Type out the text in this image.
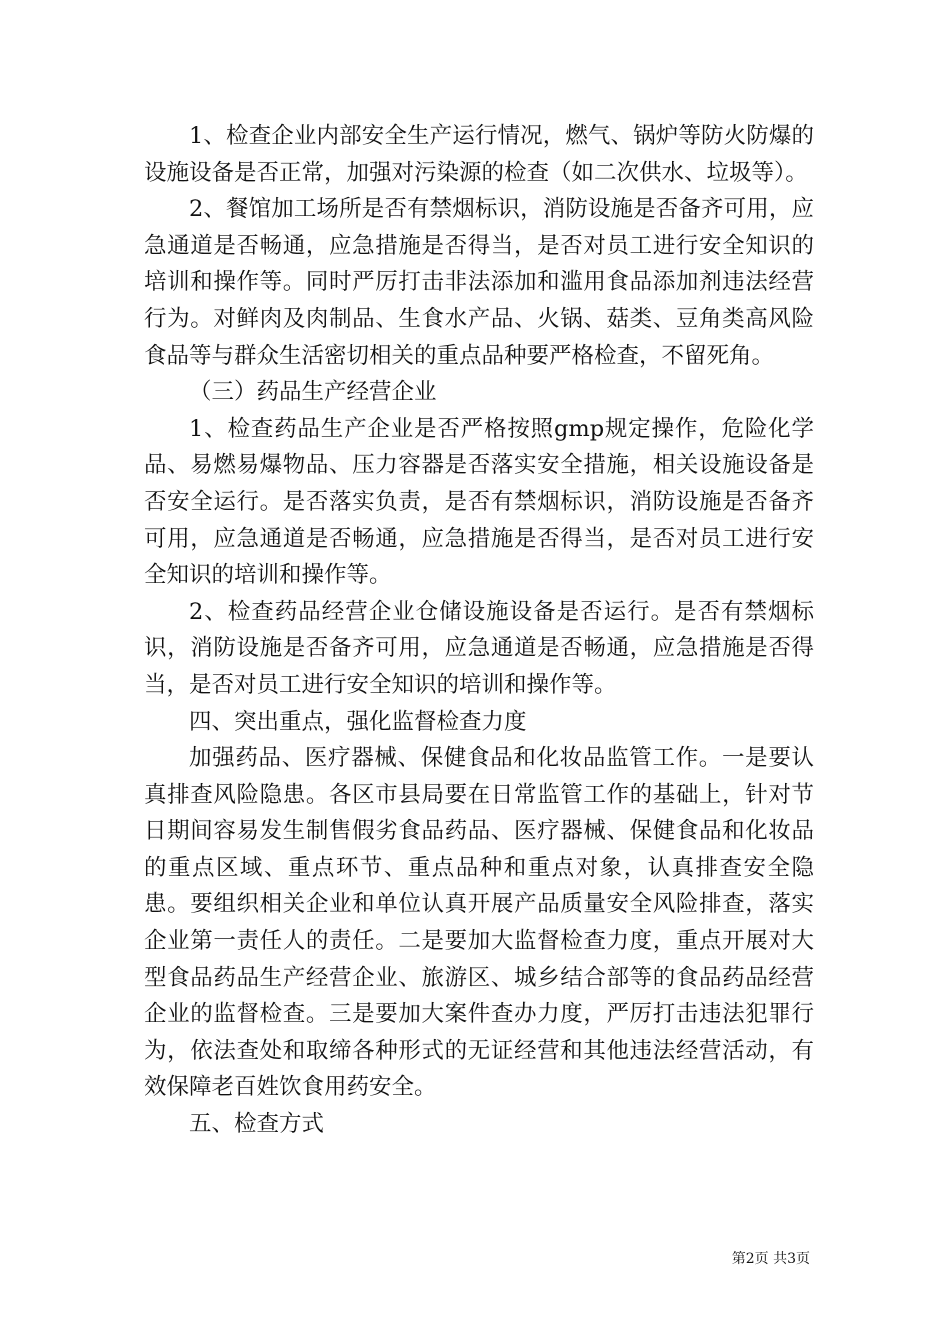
1、检查企业内部安全生产运行情况，燃气、锅炉等防火防爆的设施设备是否正常，加强对污染源的检查（如二次供水、垃圾等）。

2、餐馆加工场所是否有禁烟标识，消防设施是否备齐可用，应急通道是否畅通，应急措施是否得当，是否对员工进行安全知识的培训和操作等。同时严厉打击非法添加和滥用食品添加剂违法经营行为。对鲜肉及肉制品、生食水产品、火锅、菇类、豆角类高风险食品等与群众生活密切相关的重点品种要严格检查，不留死角。

（三）药品生产经营企业

1、检查药品生产企业是否严格按照gmp规定操作，危险化学品、易燃易爆物品、压力容器是否落实安全措施，相关设施设备是否安全运行。是否落实负责，是否有禁烟标识，消防设施是否备齐可用，应急通道是否畅通，应急措施是否得当，是否对员工进行安全知识的培训和操作等。

2、检查药品经营企业仓储设施设备是否运行。是否有禁烟标识，消防设施是否备齐可用，应急通道是否畅通，应急措施是否得当，是否对员工进行安全知识的培训和操作等。

四、突出重点，强化监督检查力度

加强药品、医疗器械、保健食品和化妆品监管工作。一是要认真排查风险隐患。各区市县局要在日常监管工作的基础上，针对节日期间容易发生制售假劣食品药品、医疗器械、保健食品和化妆品的重点区域、重点环节、重点品种和重点对象，认真排查安全隐患。要组织相关企业和单位认真开展产品质量安全风险排查，落实企业第一责任人的责任。二是要加大监督检查力度，重点开展对大型食品药品生产经营企业、旅游区、城乡结合部等的食品药品经营企业的监督检查。三是要加大案件查办力度，严厉打击违法犯罪行为，依法查处和取缔各种形式的无证经营和其他违法经营活动，有效保障老百姓饮食用药安全。

五、检查方式

第2页 共3页
